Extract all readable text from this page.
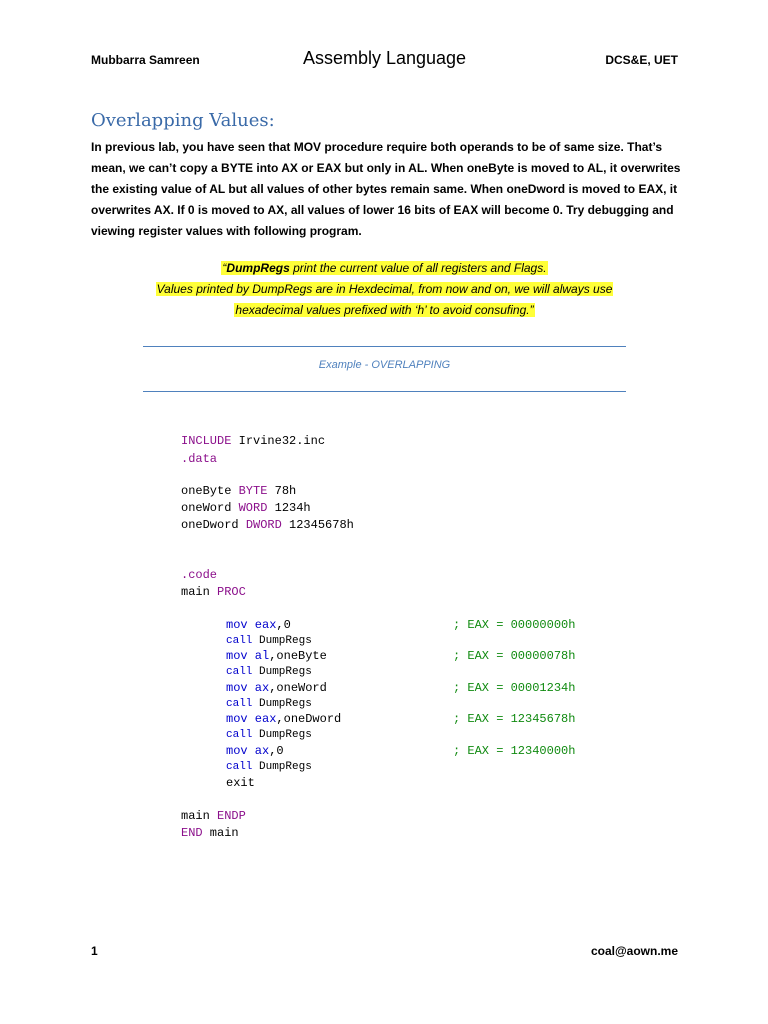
Mubbarra Samreen	Assembly Language	DCS&E, UET
Overlapping Values:

In previous lab, you have seen that MOV procedure require both operands to be of same size. That’s mean, we can’t copy a BYTE into AX or EAX but only in AL. When oneByte is moved to AL, it overwrites the existing value of AL but all values of other bytes remain same. When oneDword is moved to EAX, it overwrites AX. If 0 is moved to AX, all values of lower 16 bits of EAX will become 0. Try debugging and viewing register values with following program.

“DumpRegs print the current value of all registers and Flags.
Values printed by DumpRegs are in Hexdecimal, from now and on, we will always use
hexadecimal values prefixed with ‘h’ to avoid consufing.”
Example - OVERLAPPING
INCLUDE Irvine32.inc
.data
oneByte BYTE 78h
oneWord WORD 1234h
oneDword DWORD 12345678h
.code
main PROC
mov eax,0	; EAX = 00000000h
call DumpRegs
mov al,oneByte	; EAX = 00000078h
call DumpRegs
mov ax,oneWord	; EAX = 00001234h
call DumpRegs
mov eax,oneDword	; EAX = 12345678h
call DumpRegs
mov ax,0	; EAX = 12340000h
call DumpRegs
exit
main ENDP
END main
1	coal@aown.me
